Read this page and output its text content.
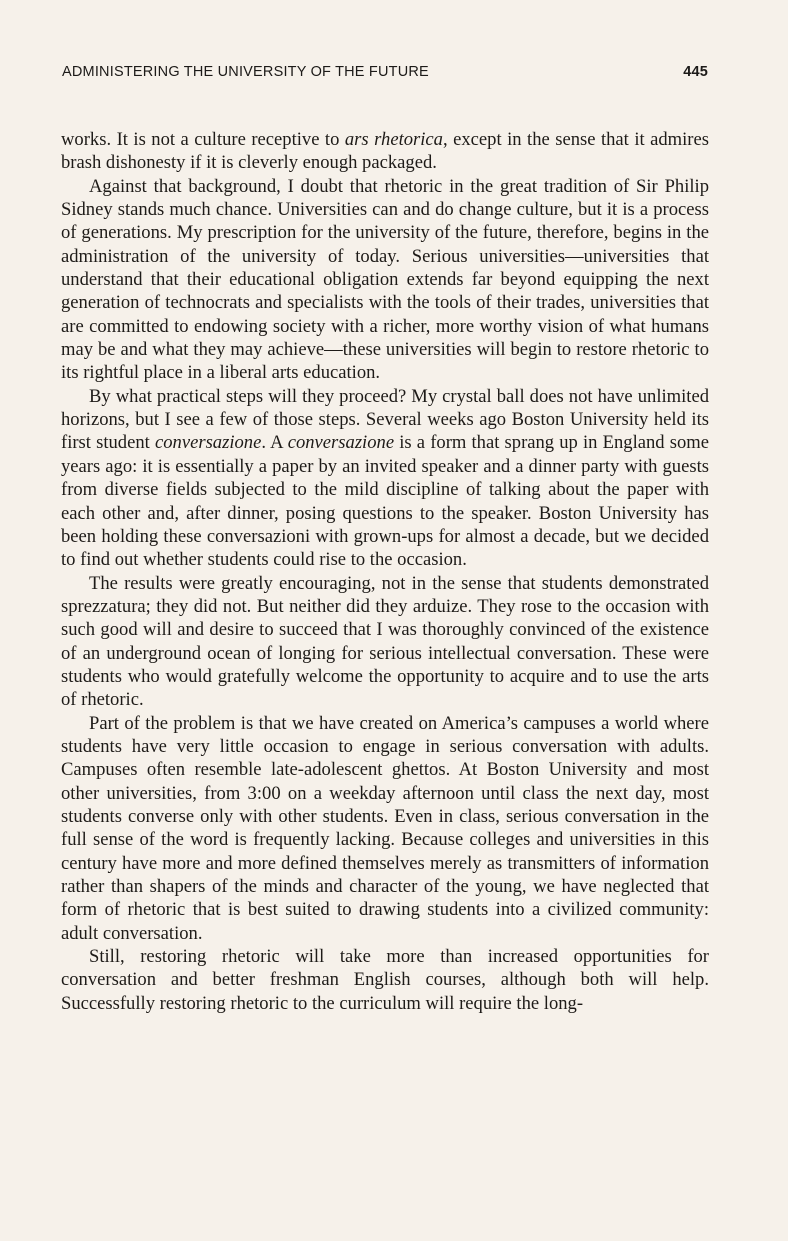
ADMINISTERING THE UNIVERSITY OF THE FUTURE	445

works. It is not a culture receptive to ars rhetorica, except in the sense that it admires brash dishonesty if it is cleverly enough packaged.

Against that background, I doubt that rhetoric in the great tradition of Sir Philip Sidney stands much chance. Universities can and do change culture, but it is a process of generations. My prescription for the university of the future, therefore, begins in the administration of the university of today. Serious universities—universities that understand that their educational obligation extends far beyond equipping the next generation of technocrats and specialists with the tools of their trades, universities that are committed to endowing society with a richer, more worthy vision of what humans may be and what they may achieve—these universities will begin to restore rhetoric to its rightful place in a liberal arts education.

By what practical steps will they proceed? My crystal ball does not have unlimited horizons, but I see a few of those steps. Several weeks ago Boston University held its first student conversazione. A conversazione is a form that sprang up in England some years ago: it is essentially a paper by an invited speaker and a dinner party with guests from diverse fields subjected to the mild discipline of talking about the paper with each other and, after dinner, posing questions to the speaker. Boston University has been holding these conversazioni with grown-ups for almost a decade, but we decided to find out whether students could rise to the occasion.

The results were greatly encouraging, not in the sense that students demonstrated sprezzatura; they did not. But neither did they arduize. They rose to the occasion with such good will and desire to succeed that I was thoroughly convinced of the existence of an underground ocean of longing for serious intellectual conversation. These were students who would gratefully welcome the opportunity to acquire and to use the arts of rhetoric.

Part of the problem is that we have created on America’s campuses a world where students have very little occasion to engage in serious conversation with adults. Campuses often resemble late-adolescent ghettos. At Boston University and most other universities, from 3:00 on a weekday afternoon until class the next day, most students converse only with other students. Even in class, serious conversation in the full sense of the word is frequently lacking. Because colleges and universities in this century have more and more defined themselves merely as transmitters of information rather than shapers of the minds and character of the young, we have neglected that form of rhetoric that is best suited to drawing students into a civilized community: adult conversation.

Still, restoring rhetoric will take more than increased opportunities for conversation and better freshman English courses, although both will help. Successfully restoring rhetoric to the curriculum will require the long-
